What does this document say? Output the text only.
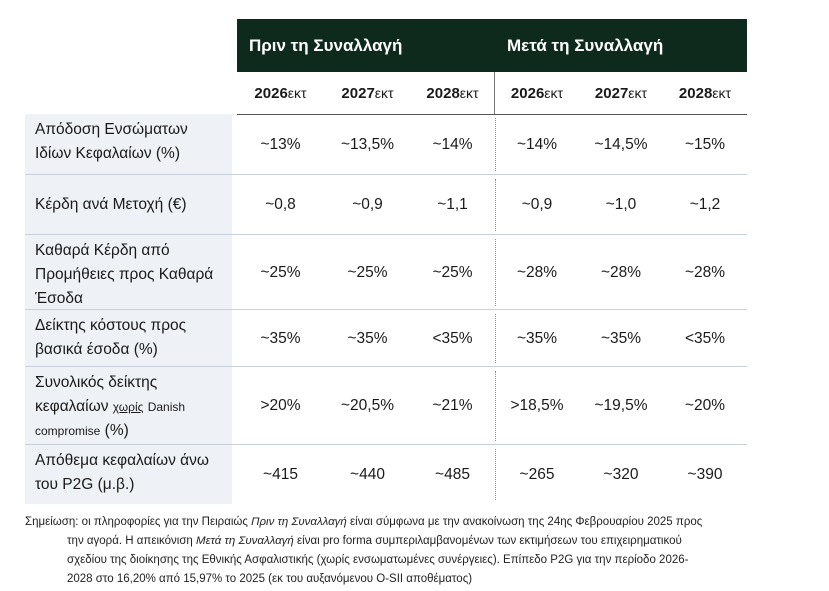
Πριν τη Συναλλαγή	Μετά τη Συναλλαγή
2026 εκτ 2027 εκτ 2028 εκτ 2026 εκτ 2027 εκτ 2028 εκτ
Απόδοση Ενσώματων Ιδίων Κεφαλαίων (%)
~13%	~13,5%	~14%	~14%	~14,5%	~15%
Κέρδη ανά Μετοχή (€)	~0,8	~0,9	~1,1	~0,9	~1,0	~1,2
Καθαρά Κέρδη από Προμήθειες προς Καθαρά Έσοδα
~25%	~25%	~25%	~28%	~28%	~28%
Δείκτης κόστους προς βασικά έσοδα (%)
~35%	~35%	<35%	~35%	~35%	<35%
Συνολικός δείκτης κεφαλαίων χωρίς Danish compromise (%)
>20%	~20,5%	~21%	>18,5%	~19,5%	~20%
Απόθεμα κεφαλαίων άνω του P2G (μ.β.)
~415	~440	~485	~265	~320	~390
Σημείωση: οι πληροφορίες για την Πειραιώς Πριν τη Συναλλαγή είναι σύμφωνα με την ανακοίνωση της 24ης Φεβρουαρίου 2025 προς
την αγορά. Η απεικόνιση Μετά τη Συναλλαγή είναι pro forma συμπεριλαμβανομένων των εκτιμήσεων του επιχειρηματικού
σχεδίου της διοίκησης της Εθνικής Ασφαλιστικής (χωρίς ενσωματωμένες συνέργειες). Επίπεδο P2G για την περίοδο 2026-
2028 στο 16,20% από 15,97% το 2025 (εκ του αυξανόμενου O-SII αποθέματος)
